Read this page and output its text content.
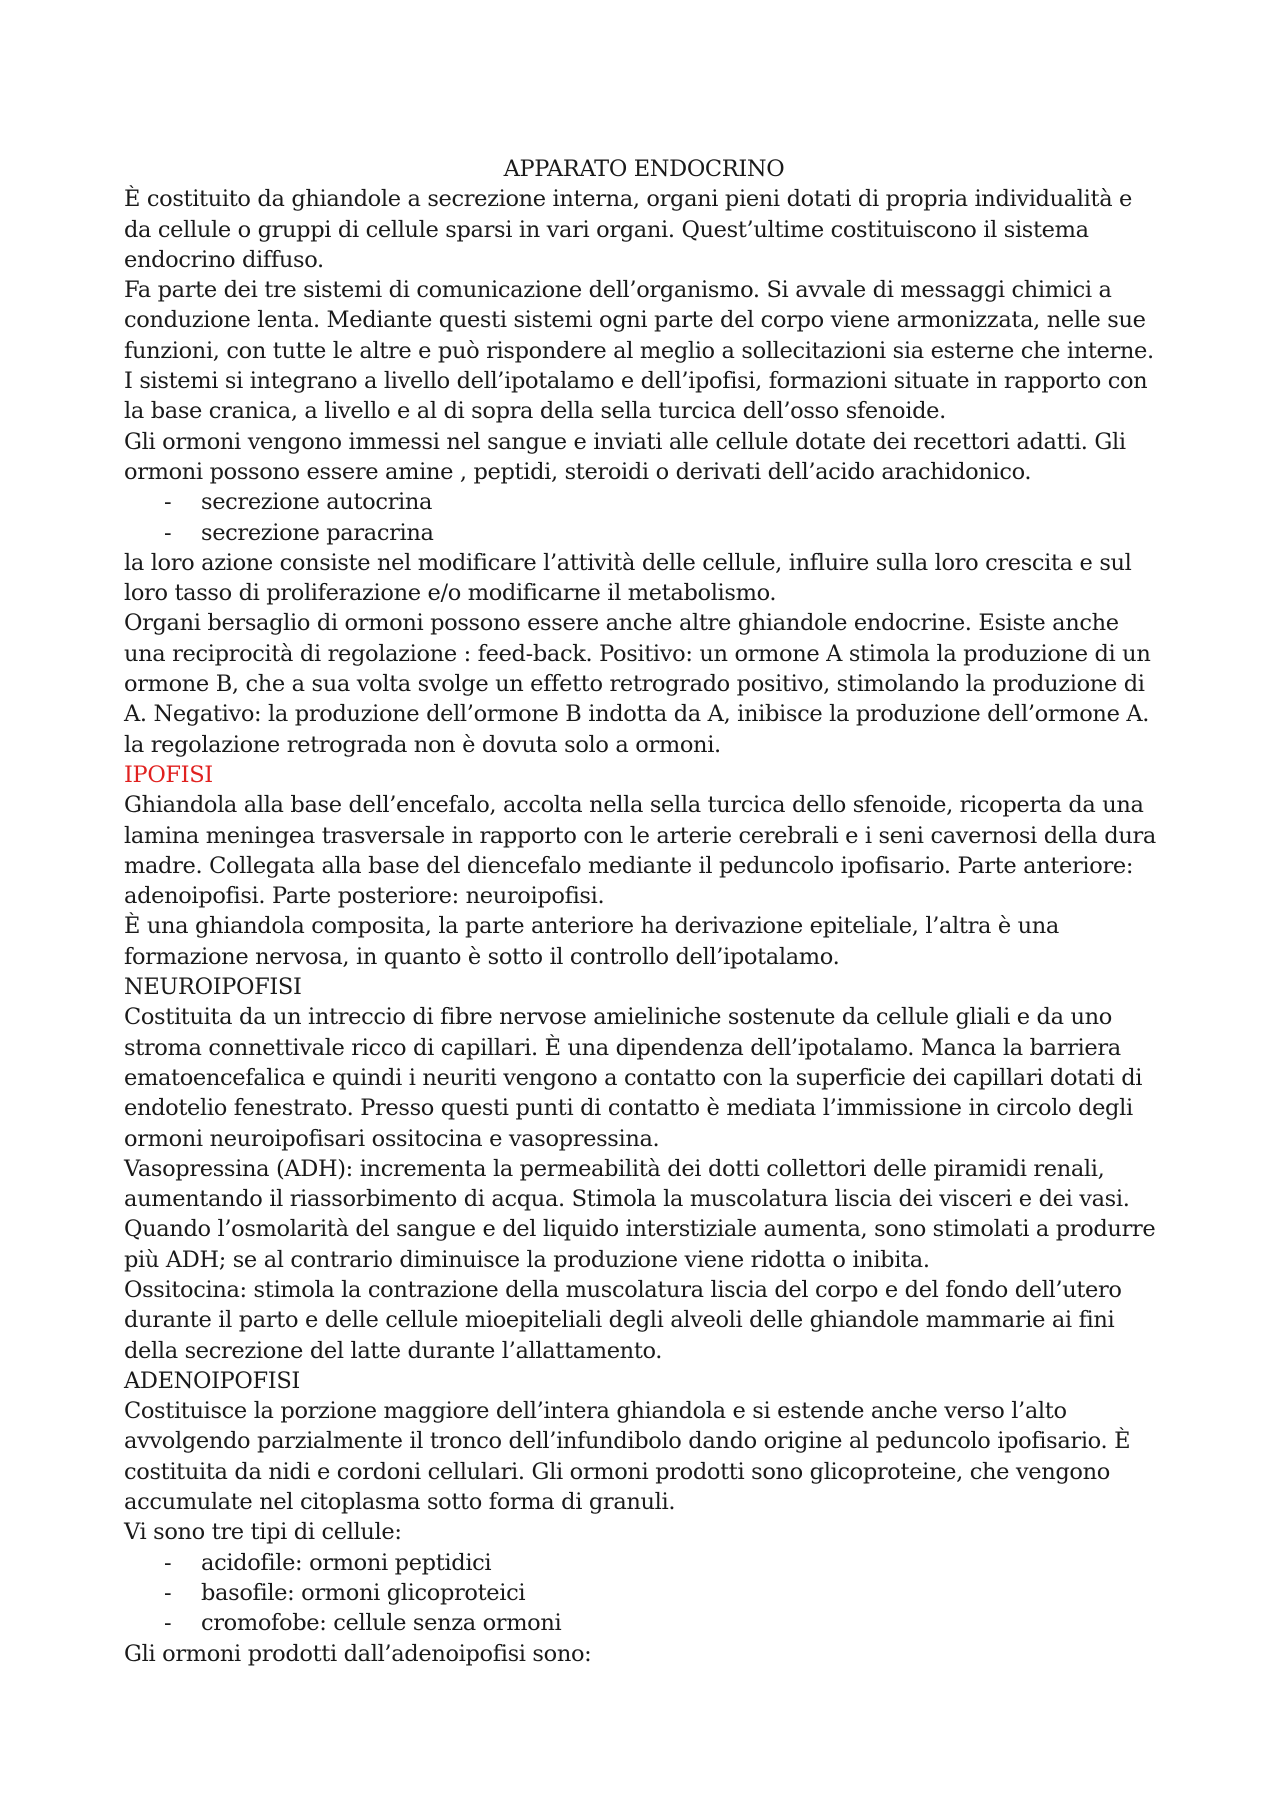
APPARATO ENDOCRINO

È costituito da ghiandole a secrezione interna, organi pieni dotati di propria individualità e da cellule o gruppi di cellule sparsi in vari organi. Quest’ultime costituiscono il sistema endocrino diffuso.

Fa parte dei tre sistemi di comunicazione dell’organismo. Si avvale di messaggi chimici a conduzione lenta. Mediante questi sistemi ogni parte del corpo viene armonizzata, nelle sue funzioni, con tutte le altre e può rispondere al meglio a sollecitazioni sia esterne che interne. I sistemi si integrano a livello dell’ipotalamo e dell’ipofisi, formazioni situate in rapporto con la base cranica, a livello e al di sopra della sella turcica dell’osso sfenoide.

Gli ormoni vengono immessi nel sangue e inviati alle cellule dotate dei recettori adatti. Gli ormoni possono essere amine , peptidi, steroidi o derivati dell’acido arachidonico.

- secrezione autocrina
- secrezione paracrina

la loro azione consiste nel modificare l’attività delle cellule, influire sulla loro crescita e sul loro tasso di proliferazione e/o modificarne il metabolismo.

Organi bersaglio di ormoni possono essere anche altre ghiandole endocrine. Esiste anche una reciprocità di regolazione : feed-back. Positivo: un ormone A stimola la produzione di un ormone B, che a sua volta svolge un effetto retrogrado positivo, stimolando la produzione di A. Negativo: la produzione dell’ormone B indotta da A, inibisce la produzione dell’ormone A. la regolazione retrograda non è dovuta solo a ormoni.

IPOFISI

Ghiandola alla base dell’encefalo, accolta nella sella turcica dello sfenoide, ricoperta da una lamina meningea trasversale in rapporto con le arterie cerebrali e i seni cavernosi della dura madre. Collegata alla base del diencefalo mediante il peduncolo ipofisario. Parte anteriore: adenoipofisi. Parte posteriore: neuroipofisi.

È una ghiandola composita, la parte anteriore ha derivazione epiteliale, l’altra è una formazione nervosa, in quanto è sotto il controllo dell’ipotalamo.

NEUROIPOFISI

Costituita da un intreccio di fibre nervose amieliniche sostenute da cellule gliali e da uno stroma connettivale ricco di capillari. È una dipendenza dell’ipotalamo. Manca la barriera ematoencefalica e quindi i neuriti vengono a contatto con la superficie dei capillari dotati di endotelio fenestrato. Presso questi punti di contatto è mediata l’immissione in circolo degli ormoni neuroipofisari ossitocina e vasopressina.

Vasopressina (ADH): incrementa la permeabilità dei dotti collettori delle piramidi renali, aumentando il riassorbimento di acqua. Stimola la muscolatura liscia dei visceri e dei vasi. Quando l’osmolarità del sangue e del liquido interstiziale aumenta, sono stimolati a produrre più ADH; se al contrario diminuisce la produzione viene ridotta o inibita.

Ossitocina: stimola la contrazione della muscolatura liscia del corpo e del fondo dell’utero durante il parto e delle cellule mioepiteliali degli alveoli delle ghiandole mammarie ai fini della secrezione del latte durante l’allattamento.

ADENOIPOFISI

Costituisce la porzione maggiore dell’intera ghiandola e si estende anche verso l’alto avvolgendo parzialmente il tronco dell’infundibolo dando origine al peduncolo ipofisario. È costituita da nidi e cordoni cellulari. Gli ormoni prodotti sono glicoproteine, che vengono accumulate nel citoplasma sotto forma di granuli.

Vi sono tre tipi di cellule:

- acidofile: ormoni peptidici
- basofile: ormoni glicoproteici
- cromofobe: cellule senza ormoni

Gli ormoni prodotti dall’adenoipofisi sono:
